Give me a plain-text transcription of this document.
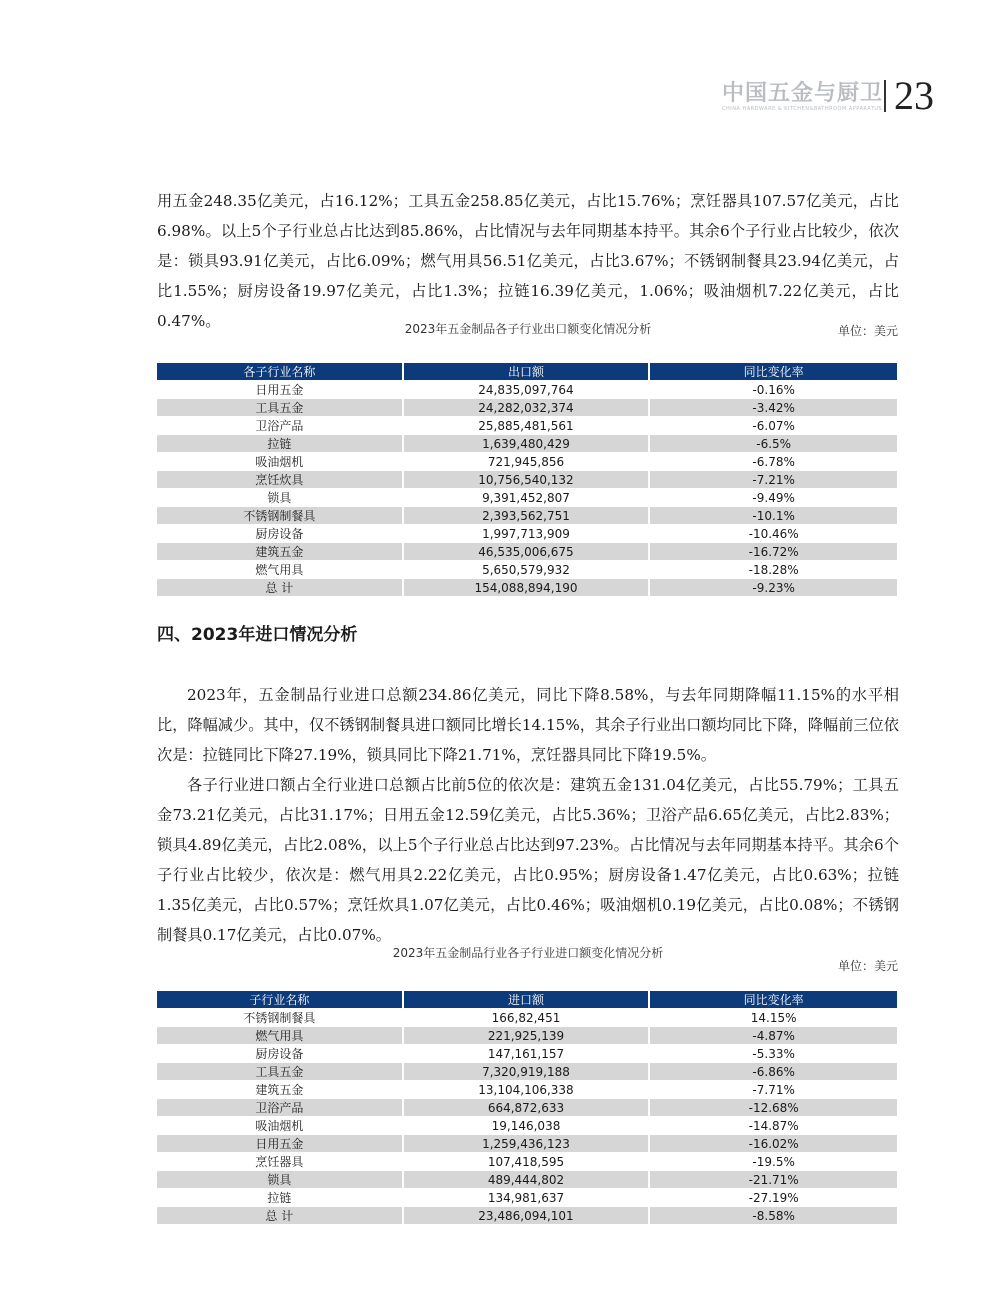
中国五金与厨卫
CHINA HARDWARE & KITCHEN&BATHROOM APPARATUS 23

用五金248.35亿美元，占16.12%；工具五金258.85亿美元，占比15.76%；烹饪器具107.57亿美元，占比6.98%。以上5个子行业总占比达到85.86%，占比情况与去年同期基本持平。其余6个子行业占比较少，依次是：锁具93.91亿美元，占比6.09%；燃气用具56.51亿美元，占比3.67%；不锈钢制餐具23.94亿美元，占比1.55%；厨房设备19.97亿美元，占比1.3%；拉链16.39亿美元，1.06%；吸油烟机7.22亿美元，占比0.47%。	2023年五金制品各子行业出口额变化情况分析	单位：美元
各子行业名称	出口额	同比变化率
日用五金	24,835,097,764	-0.16%
工具五金	24,282,032,374	-3.42%
卫浴产品	25,885,481,561	-6.07%
拉链	1,639,480,429	-6.5%
吸油烟机	721,945,856	-6.78%
烹饪炊具	10,756,540,132	-7.21%
锁具	9,391,452,807	-9.49%
不锈钢制餐具	2,393,562,751	-10.1%
厨房设备	1,997,713,909	-10.46%
建筑五金	46,535,006,675	-16.72%
燃气用具	5,650,579,932	-18.28%
总 计	154,088,894,190	-9.23%
四、2023年进口情况分析

2023年，五金制品行业进口总额234.86亿美元，同比下降8.58%，与去年同期降幅11.15%的水平相比，降幅减少。其中，仅不锈钢制餐具进口额同比增长14.15%，其余子行业出口额均同比下降，降幅前三位依次是：拉链同比下降27.19%，锁具同比下降21.71%，烹饪器具同比下降19.5%。

各子行业进口额占全行业进口总额占比前5位的依次是：建筑五金131.04亿美元，占比55.79%；工具五金73.21亿美元，占比31.17%；日用五金12.59亿美元，占比5.36%；卫浴产品6.65亿美元，占比2.83%；锁具4.89亿美元，占比2.08%，以上5个子行业总占比达到97.23%。占比情况与去年同期基本持平。其余6个子行业占比较少，依次是：燃气用具2.22亿美元，占比0.95%；厨房设备1.47亿美元，占比0.63%；拉链1.35亿美元，占比0.57%；烹饪炊具1.07亿美元，占比0.46%；吸油烟机0.19亿美元，占比0.08%；不锈钢制餐具0.17亿美元，占比0.07%。

2023年五金制品行业各子行业进口额变化情况分析
单位：美元
子行业名称	进口额	同比变化率
不锈钢制餐具	166,82,451	14.15%
燃气用具	221,925,139	-4.87%
厨房设备	147,161,157	-5.33%
工具五金	7,320,919,188	-6.86%
建筑五金	13,104,106,338	-7.71%
卫浴产品	664,872,633	-12.68%
吸油烟机	19,146,038	-14.87%
日用五金	1,259,436,123	-16.02%
烹饪器具	107,418,595	-19.5%
锁具	489,444,802	-21.71%
拉链	134,981,637	-27.19%
总 计	23,486,094,101	-8.58%
